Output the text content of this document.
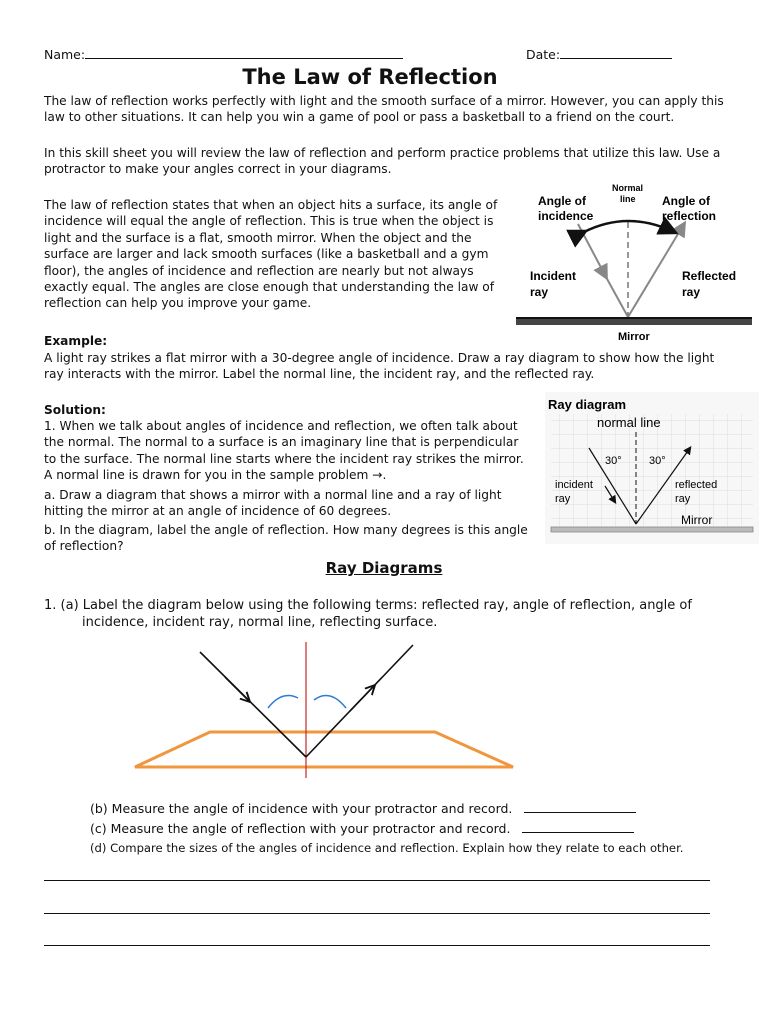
Name:	Date:
The Law of Reflection
The law of reflection works perfectly with light and the smooth surface of a mirror. However, you can apply this law to other situations. It can help you win a game of pool or pass a basketball to a friend on the court.
In this skill sheet you will review the law of reflection and perform practice problems that utilize this law. Use a protractor to make your angles correct in your diagrams.
The law of reflection states that when an object hits a surface, its angle of incidence will equal the angle of reflection. This is true when the object is light and the surface is a flat, smooth mirror. When the object and the surface are larger and lack smooth surfaces (like a basketball and a gym floor), the angles of incidence and reflection are nearly but not always exactly equal. The angles are close enough that understanding the law of reflection can help you improve your game.
Angle of
incidence
Normal
line Angle of
reflection
Incident
ray
Reflected
ray
Mirror
Example:
A light ray strikes a flat mirror with a 30-degree angle of incidence. Draw a ray diagram to show how the light ray interacts with the mirror. Label the normal line, the incident ray, and the reflected ray.
Solution:
1. When we talk about angles of incidence and reflection, we often talk about the normal. The normal to a surface is an imaginary line that is perpendicular to the surface. The normal line starts where the incident ray strikes the mirror. A normal line is drawn for you in the sample problem →.
a. Draw a diagram that shows a mirror with a normal line and a ray of light hitting the mirror at an angle of incidence of 60 degrees.
b. In the diagram, label the angle of reflection. How many degrees is this angle of reflection?
Ray diagram
normal line
30° 30°
incident
ray
reflected
ray
Mirror
Ray Diagrams
1. (a) Label the diagram below using the following terms: reflected ray, angle of reflection, angle of
incidence, incident ray, normal line, reflecting surface.
(b) Measure the angle of incidence with your protractor and record.
(c) Measure the angle of reflection with your protractor and record.
(d) Compare the sizes of the angles of incidence and reflection. Explain how they relate to each other.
